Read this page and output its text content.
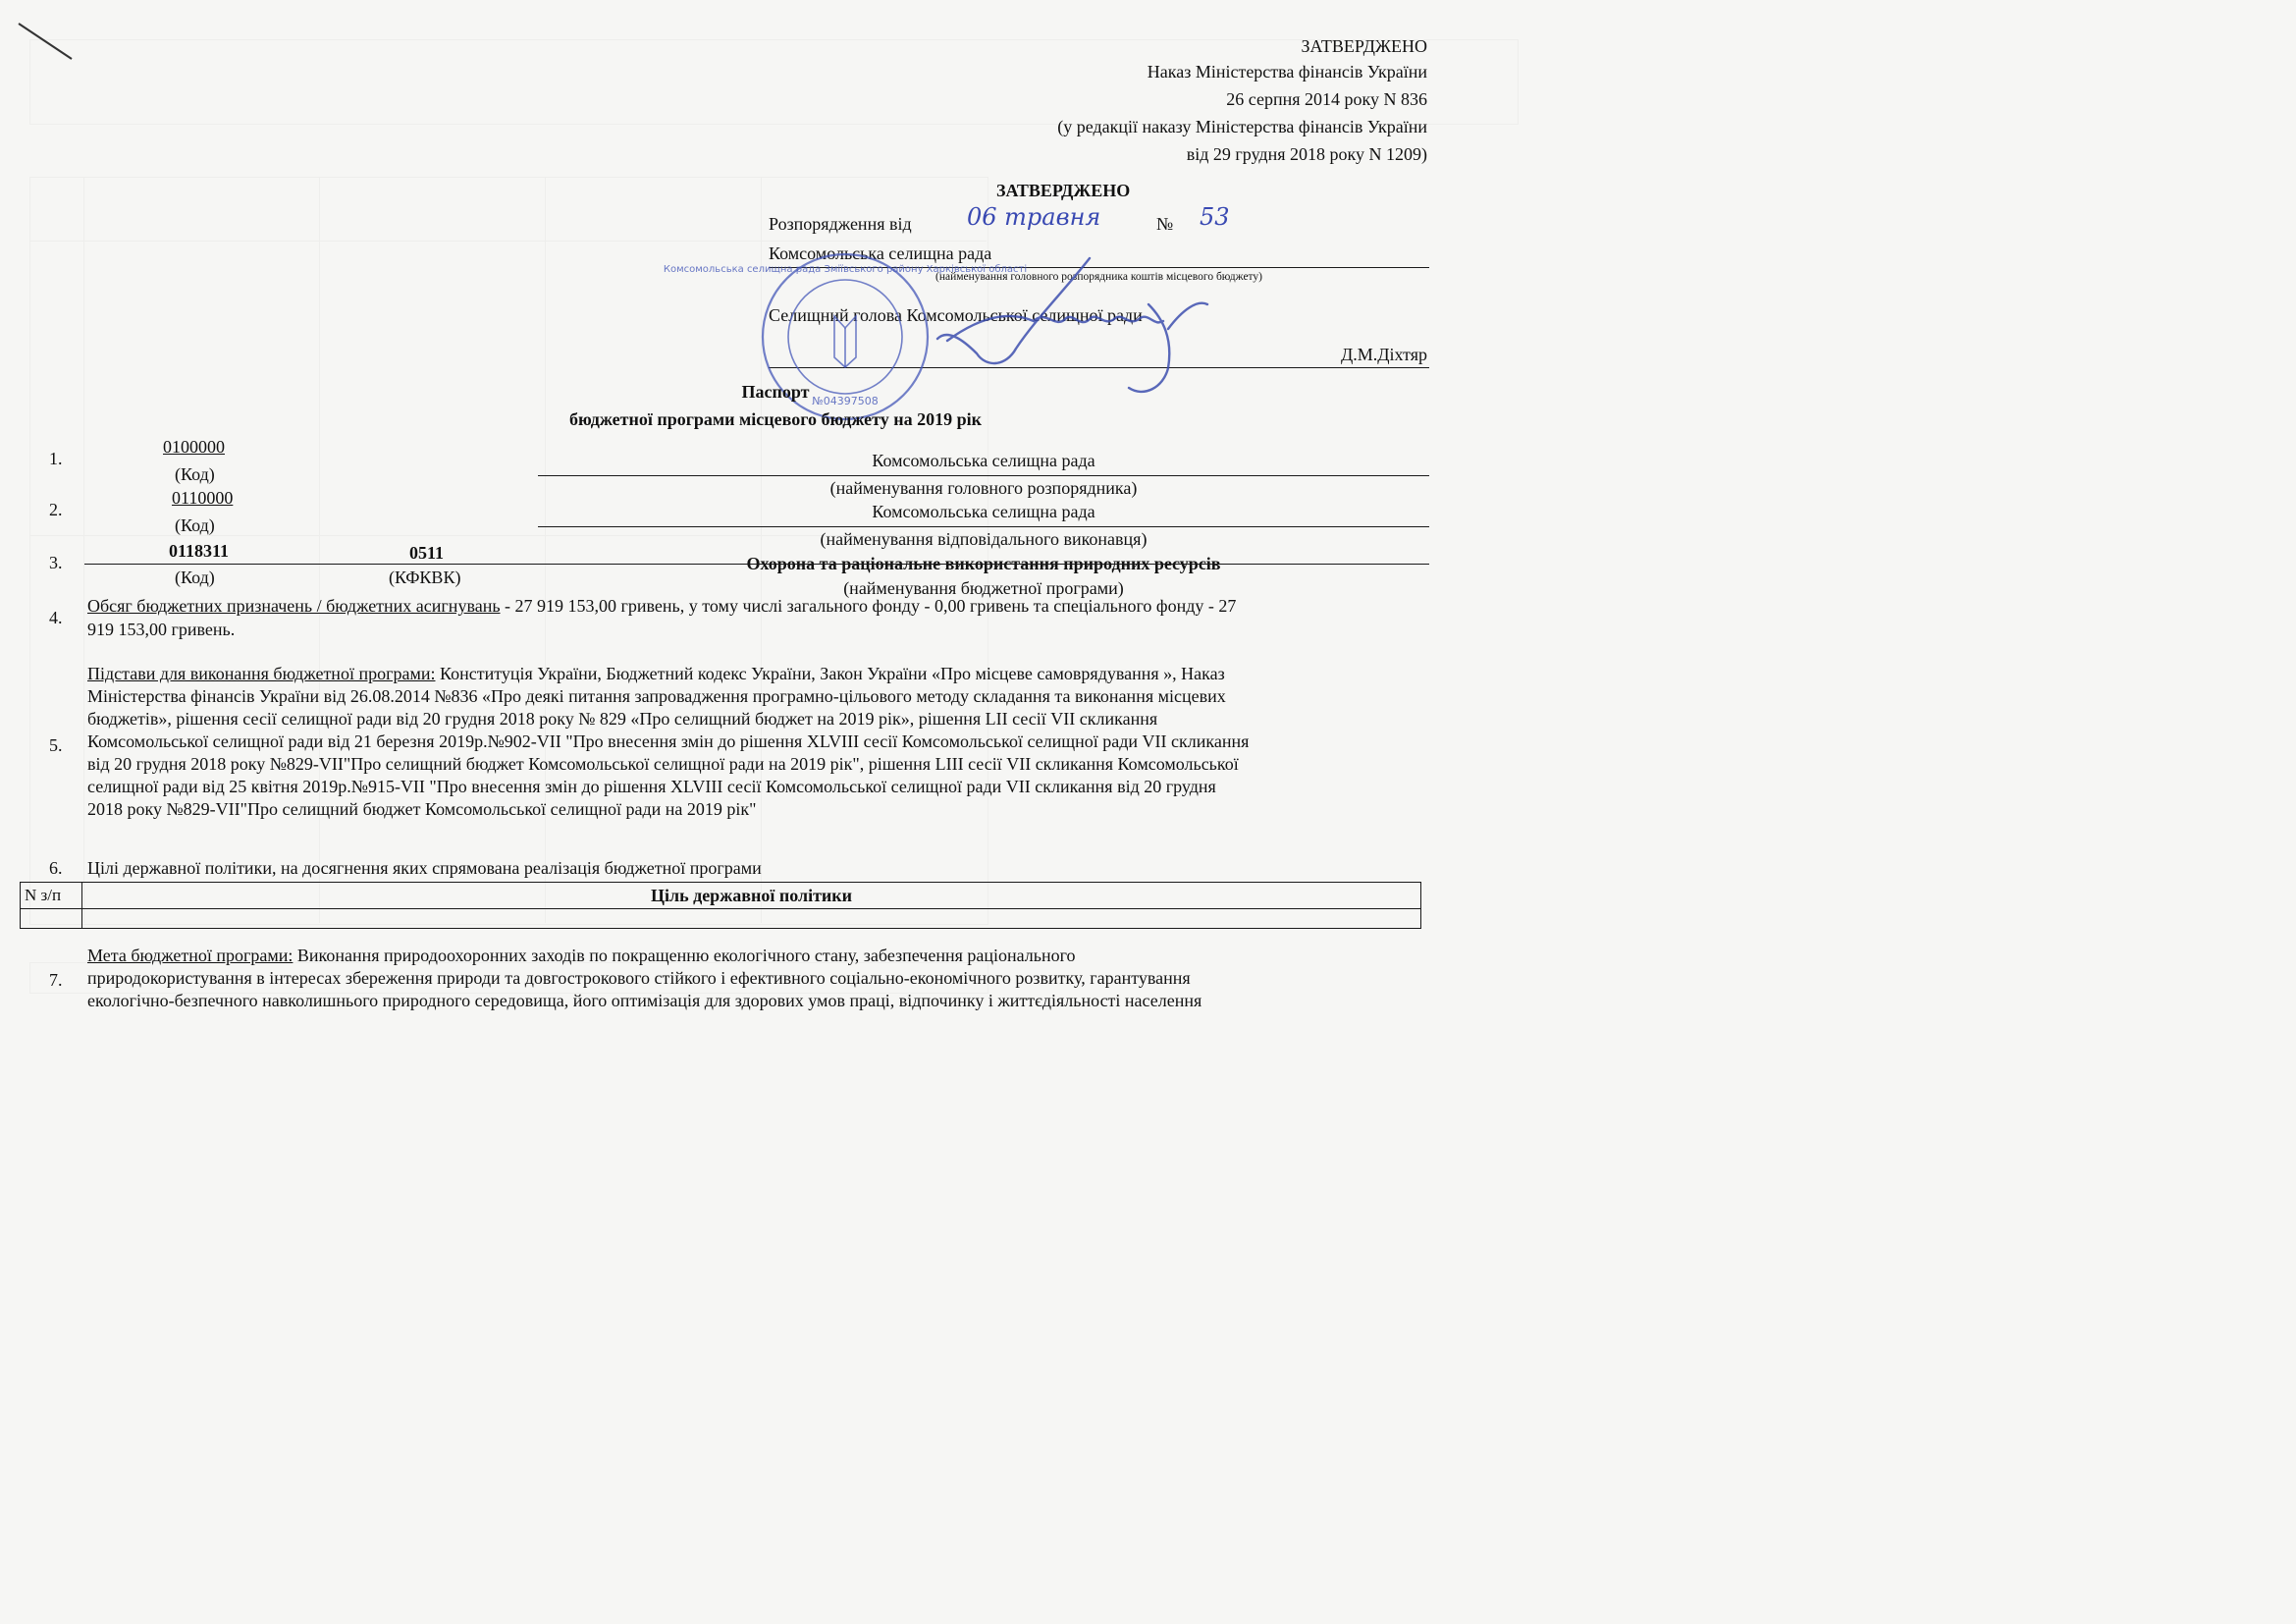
ЗАТВЕРДЖЕНО
Наказ Міністерства фінансів України
26 серпня 2014 року N 836
(у редакції наказу Міністерства фінансів України
від 29 грудня 2018 року N 1209)
ЗАТВЕРДЖЕНО
Розпорядження від 06 травня	№ 53
Комсомольська селищна рада
(найменування головного розпорядника коштів місцевого бюджету)
Селищний голова Комсомольської селищної ради
Д.М.Діхтяр
Комсомольська селищна рада Зміївського району Харківської області
№04397508
Паспорт
бюджетної програми місцевого бюджету на 2019 рік
1.
0100000
(Код)
Комсомольська селищна рада
(найменування головного розпорядника)
2.
0110000
(Код)
Комсомольська селищна рада
(найменування відповідального виконавця)
3.
0118311
(Код)
0511
(КФКВК)
Охорона та раціональне використання природних ресурсів
(найменування бюджетної програми)
4.
Обсяг бюджетних призначень / бюджетних асигнувань - 27 919 153,00 гривень, у тому числі загального фонду - 0,00 гривень та спеціального фонду - 27
919 153,00 гривень.
5.
Підстави для виконання бюджетної програми: Конституція України, Бюджетний кодекс України, Закон України «Про місцеве самоврядування », Наказ
Міністерства фінансів України від 26.08.2014 №836 «Про деякі питання запровадження програмно-цільового методу складання та виконання місцевих
бюджетів», рішення сесії селищної ради від 20 грудня 2018 року № 829 «Про селищний бюджет на 2019 рік», рішення LII сесії VII скликання
Комсомольської селищної ради від 21 березня 2019р.№902-VII "Про внесення змін до рішення XLVIII сесії Комсомольської селищної ради VII скликання
від 20 грудня 2018 року №829-VII"Про селищний бюджет Комсомольської селищної ради на 2019 рік", рішення LIII сесії VII скликання Комсомольської
селищної ради від 25 квітня 2019р.№915-VII "Про внесення змін до рішення XLVIII сесії Комсомольської селищної ради VII скликання від 20 грудня
2018 року №829-VII"Про селищний бюджет Комсомольської селищної ради на 2019 рік"
6. Цілі державної політики, на досягнення яких спрямована реалізація бюджетної програми
N з/п	Ціль державної політики

7.
Мета бюджетної програми: Виконання природоохоронних заходів по покращенню екологічного стану, забезпечення раціонального
природокористування в інтересах збереження природи та довгострокового стійкого і ефективного соціально-економічного розвитку, гарантування
екологічно-безпечного навколишнього природного середовища, його оптимізація для здорових умов праці, відпочинку і життєдіяльності населення
